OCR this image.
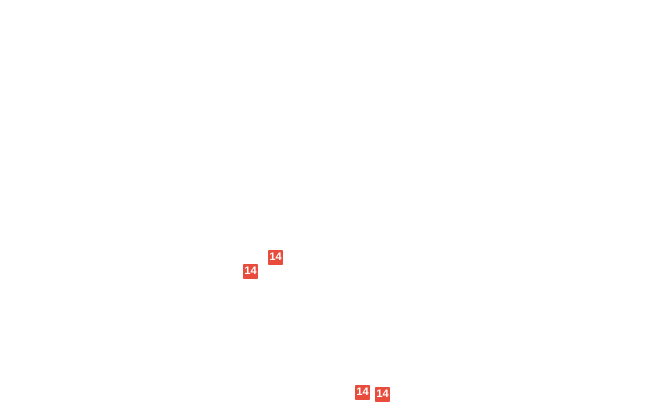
14
14
14 14
